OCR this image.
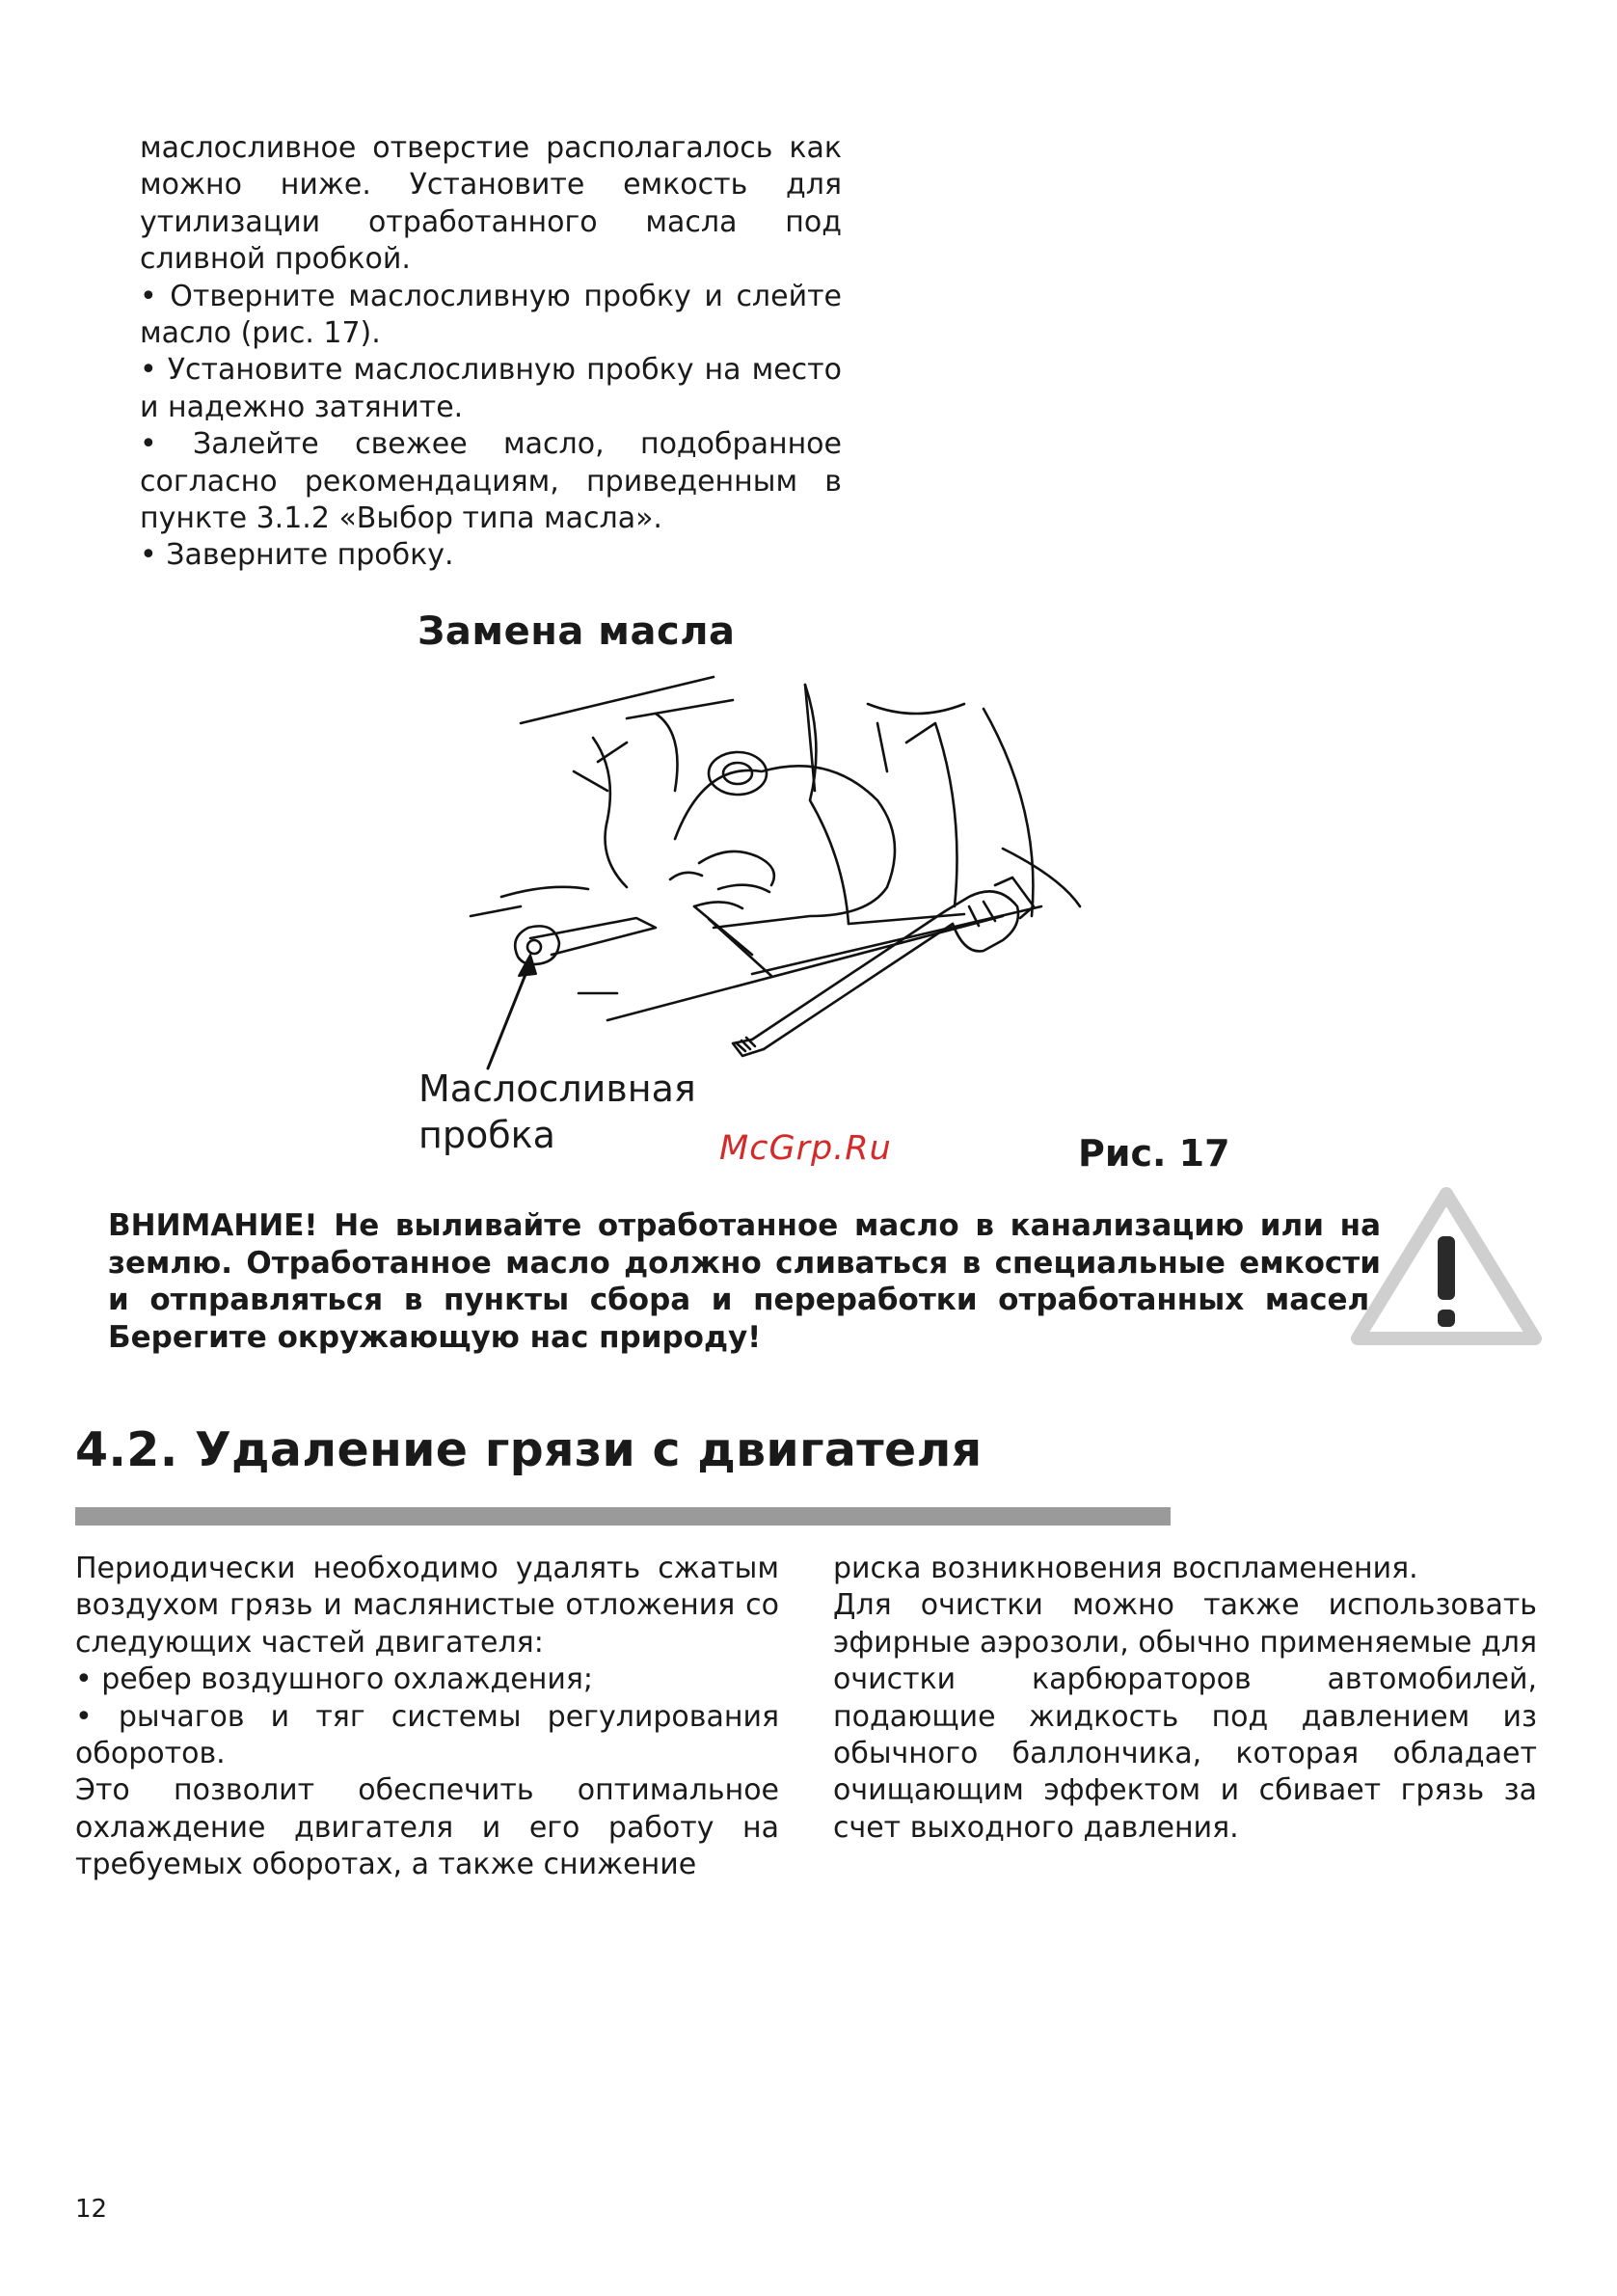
маслосливное отверстие располагалось как можно ниже. Установите емкость для утилизации отработанного масла под сливной пробкой.

• Отверните маслосливную пробку и слейте масло (рис. 17).

• Установите маслосливную пробку на место и надежно затяните.

• Залейте свежее масло, подобранное согласно рекомендациям, приведенным в пункте 3.1.2 «Выбор типа масла».

• Заверните пробку.

Замена масла
Маслосливная
пробка	McGrp.Ru	Рис. 17
ВНИМАНИЕ! Не выливайте отработанное масло в канализацию или на землю. Отработанное масло должно сливаться в специальные емкости и отправляться в пункты сбора и переработки отработанных масел. Берегите окружающую нас природу!
4.2. Удаление грязи с двигателя

Периодически необходимо удалять сжатым воздухом грязь и маслянистые отложения со следующих частей двигателя:

• ребер воздушного охлаждения;

• рычагов и тяг системы регулирования оборотов.

Это позволит обеспечить оптимальное охлаждение двигателя и его работу на требуемых оборотах, а также снижение

риска возникновения воспламенения.

Для очистки можно также использовать эфирные аэрозоли, обычно применяемые для очистки карбюраторов автомобилей, подающие жидкость под давлением из обычного баллончика, которая обладает очищающим эффектом и сбивает грязь за счет выходного давления.

12
